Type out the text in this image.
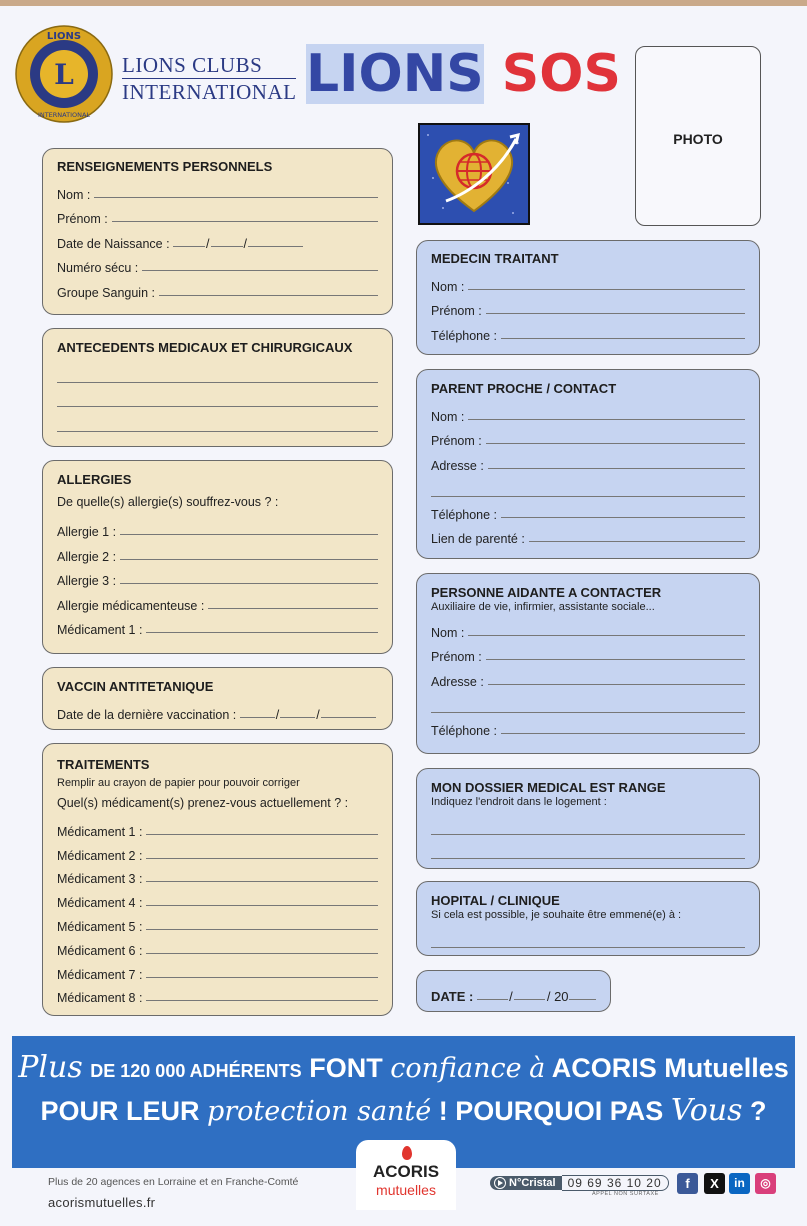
L
LIONS
INTERNATIONAL
LIONS CLUBS
INTERNATIONAL LIONS SOS
PHOTO
RENSEIGNEMENTS PERSONNELS
Nom :
Prénom :
Date de Naissance :
	/	/
Numéro sécu :
Groupe Sanguin :
ANTECEDENTS MEDICAUX ET CHIRURGICAUX
ALLERGIES
De quelle(s) allergie(s) souffrez-vous ? :
Allergie 1 :
Allergie 2 :
Allergie 3 :
Allergie médicamenteuse :
Médicament 1 :
VACCIN ANTITETANIQUE
Date de la dernière vaccination :
	/	/
TRAITEMENTS
Remplir au crayon de papier pour pouvoir corriger
Quel(s) médicament(s) prenez-vous actuellement ? :
Médicament 1 :
Médicament 2 :
Médicament 3 :
Médicament 4 :
Médicament 5 :
Médicament 6 :
Médicament 7 :
Médicament 8 :
MEDECIN TRAITANT
Nom :
Prénom :
Téléphone :
PARENT PROCHE / CONTACT
Nom :
Prénom :
Adresse :
Téléphone :
Lien de parenté :
PERSONNE AIDANTE A CONTACTER
Auxiliaire de vie, infirmier, assistante sociale...
Nom :
Prénom :
Adresse :
Téléphone :
MON DOSSIER MEDICAL EST RANGE
Indiquez l'endroit dans le logement :
HOPITAL / CLINIQUE
Si cela est possible, je souhaite être emmené(e) à :
DATE :
	/	/ 20
Plus DE 120 000 ADHÉRENTS FONT confiance à ACORIS Mutuelles
POUR LEUR protection santé ! POURQUOI PAS Vous ?
Plus de 20 agences en Lorraine et en Franche-Comté
acorismutuelles.fr
ACORIS
mutuelles	N°Cristal	09 69 36 10 20
APPEL NON SURTAXE
f	X	in	◎
